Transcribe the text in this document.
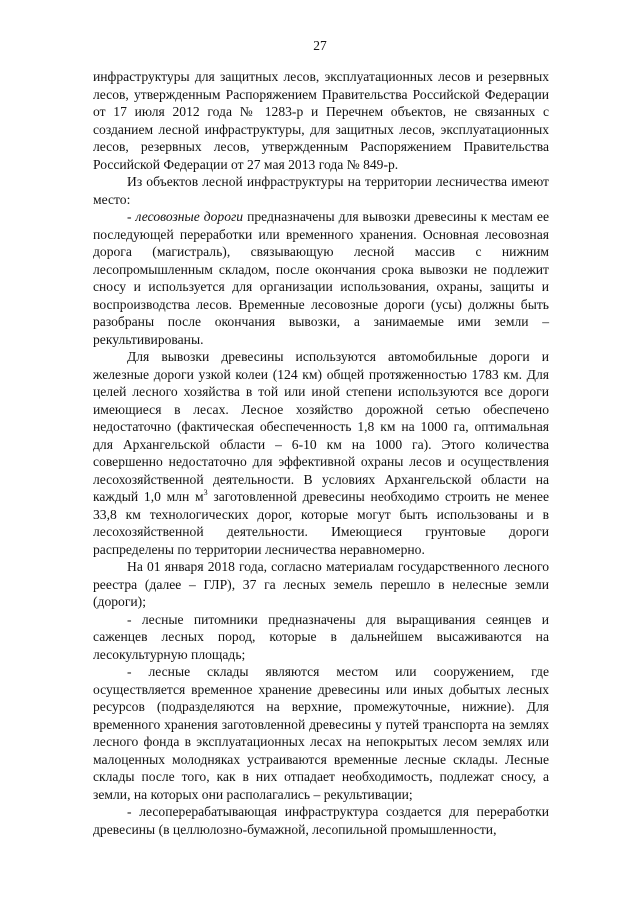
27

инфраструктуры для защитных лесов, эксплуатационных лесов и резервных лесов, утвержденным Распоряжением Правительства Российской Федерации от 17 июля 2012 года № 1283-р и Перечнем объектов, не связанных с созданием лесной инфраструктуры, для защитных лесов, эксплуатационных лесов, резервных лесов, утвержденным Распоряжением Правительства Российской Федерации от 27 мая 2013 года № 849-р.

Из объектов лесной инфраструктуры на территории лесничества имеют место:

- лесовозные дороги предназначены для вывозки древесины к местам ее последующей переработки или временного хранения. Основная лесовозная дорога (магистраль), связывающую лесной массив с нижним лесопромышленным складом, после окончания срока вывозки не подлежит сносу и используется для организации использования, охраны, защиты и воспроизводства лесов. Временные лесовозные дороги (усы) должны быть разобраны после окончания вывозки, а занимаемые ими земли – рекультивированы.

Для вывозки древесины используются автомобильные дороги и железные дороги узкой колеи (124 км) общей протяженностью 1783 км. Для целей лесного хозяйства в той или иной степени используются все дороги имеющиеся в лесах. Лесное хозяйство дорожной сетью обеспечено недостаточно (фактическая обеспеченность 1,8 км на 1000 га, оптимальная для Архангельской области – 6-10 км на 1000 га). Этого количества совершенно недостаточно для эффективной охраны лесов и осуществления лесохозяйственной деятельности. В условиях Архангельской области на каждый 1,0 млн $м^3$ заготовленной древесины необходимо строить не менее 33,8 км технологических дорог, которые могут быть использованы и в лесохозяйственной деятельности. Имеющиеся грунтовые дороги распределены по территории лесничества неравномерно.

На 01 января 2018 года, согласно материалам государственного лесного реестра (далее – ГЛР), 37 га лесных земель перешло в нелесные земли (дороги);

- лесные питомники предназначены для выращивания сеянцев и саженцев лесных пород, которые в дальнейшем высаживаются на лесокультурную площадь;

- лесные склады являются местом или сооружением, где осуществляется временное хранение древесины или иных добытых лесных ресурсов (подразделяются на верхние, промежуточные, нижние). Для временного хранения заготовленной древесины у путей транспорта на землях лесного фонда в эксплуатационных лесах на непокрытых лесом землях или малоценных молодняках устраиваются временные лесные склады. Лесные склады после того, как в них отпадает необходимость, подлежат сносу, а земли, на которых они располагались – рекультивации;

- лесоперерабатывающая инфраструктура создается для переработки древесины (в целлюлозно-бумажной, лесопильной промышленности,
